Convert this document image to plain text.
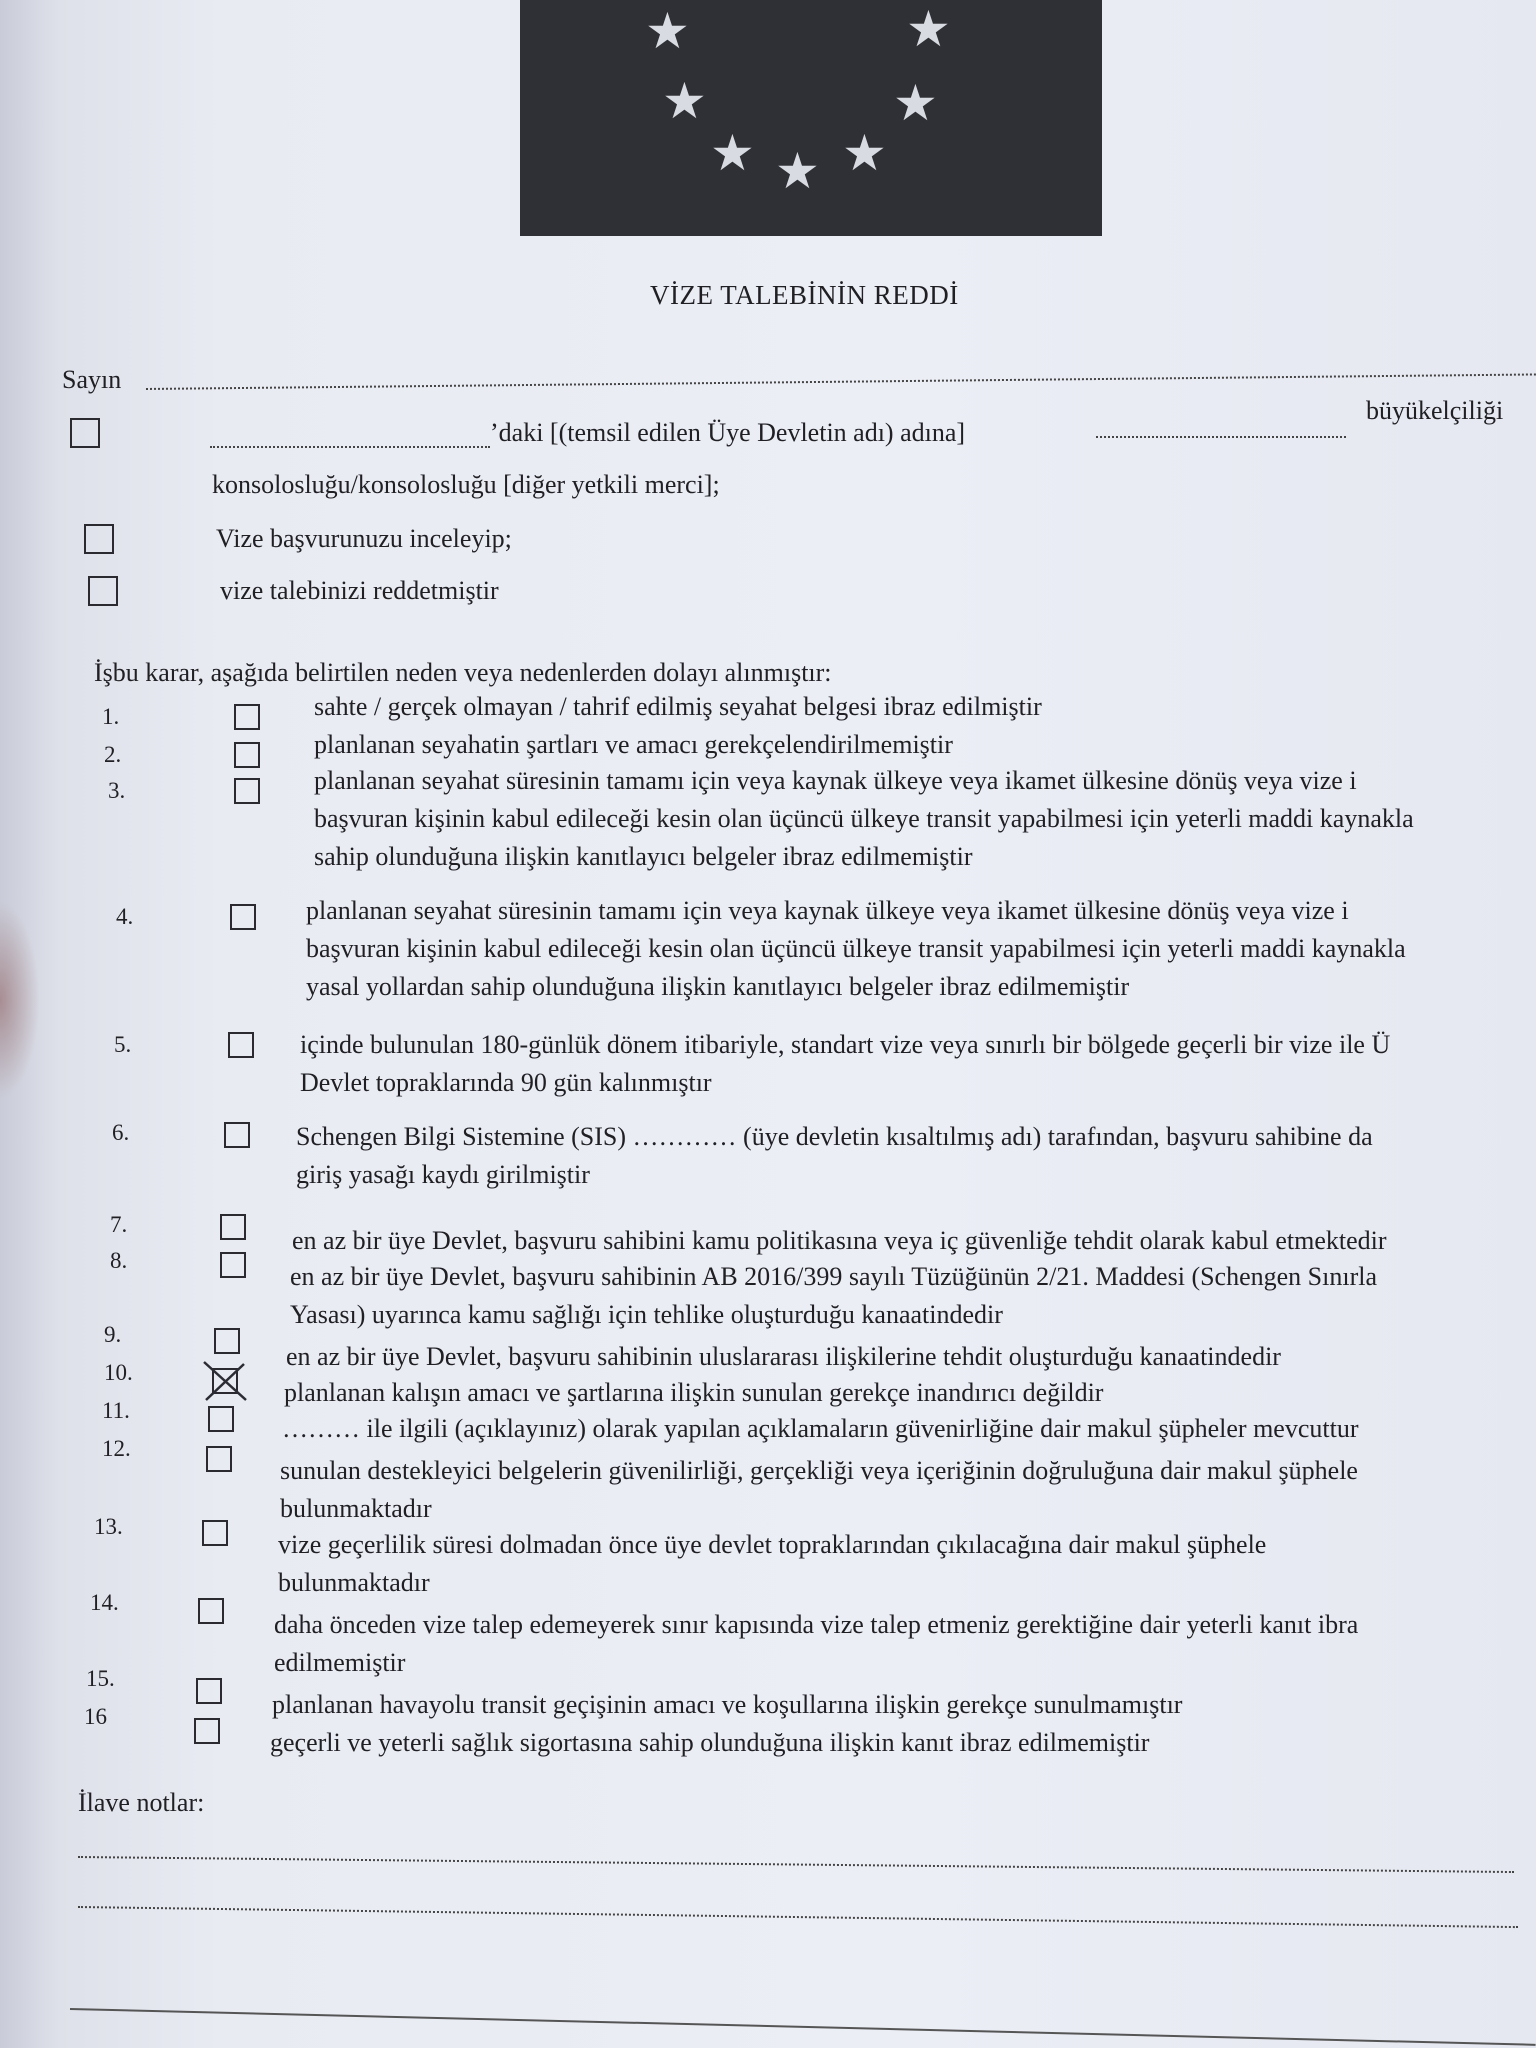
★	★
★	★
★ ★ ★
VİZE TALEBİNİN REDDİ
Sayın
’daki [(temsil edilen Üye Devletin adı) adına]
büyükelçiliği
konsolosluğu/konsolosluğu [diğer yetkili merci];
Vize başvurunuzu inceleyip;
vize talebinizi reddetmiştir
İşbu karar, aşağıda belirtilen neden veya nedenlerden dolayı alınmıştır:
1.	sahte / gerçek olmayan / tahrif edilmiş seyahat belgesi ibraz edilmiştir
2.	planlanan seyahatin şartları ve amacı gerekçelendirilmemiştir
3.	planlanan seyahat süresinin tamamı için veya kaynak ülkeye veya ikamet ülkesine dönüş veya vize i
başvuran kişinin kabul edileceği kesin olan üçüncü ülkeye transit yapabilmesi için yeterli maddi kaynakla
sahip olunduğuna ilişkin kanıtlayıcı belgeler ibraz edilmemiştir
4.	planlanan seyahat süresinin tamamı için veya kaynak ülkeye veya ikamet ülkesine dönüş veya vize i
başvuran kişinin kabul edileceği kesin olan üçüncü ülkeye transit yapabilmesi için yeterli maddi kaynakla
yasal yollardan sahip olunduğuna ilişkin kanıtlayıcı belgeler ibraz edilmemiştir
5.	içinde bulunulan 180-günlük dönem itibariyle, standart vize veya sınırlı bir bölgede geçerli bir vize ile Ü
Devlet topraklarında 90 gün kalınmıştır
6.	Schengen Bilgi Sistemine (SIS) ………… (üye devletin kısaltılmış adı) tarafından, başvuru sahibine da
giriş yasağı kaydı girilmiştir
7.
en az bir üye Devlet, başvuru sahibini kamu politikasına veya iç güvenliğe tehdit olarak kabul etmektedir
8.
en az bir üye Devlet, başvuru sahibinin AB 2016/399 sayılı Tüzüğünün 2/21. Maddesi (Schengen Sınırla
Yasası) uyarınca kamu sağlığı için tehlike oluşturduğu kanaatindedir
9.
en az bir üye Devlet, başvuru sahibinin uluslararası ilişkilerine tehdit oluşturduğu kanaatindedir
10.
planlanan kalışın amacı ve şartlarına ilişkin sunulan gerekçe inandırıcı değildir
11.
……… ile ilgili (açıklayınız) olarak yapılan açıklamaların güvenirliğine dair makul şüpheler mevcuttur
12.
sunulan destekleyici belgelerin güvenilirliği, gerçekliği veya içeriğinin doğruluğuna dair makul şüphele
bulunmaktadır
13.
vize geçerlilik süresi dolmadan önce üye devlet topraklarından çıkılacağına dair makul şüphele
bulunmaktadır
14.
daha önceden vize talep edemeyerek sınır kapısında vize talep etmeniz gerektiğine dair yeterli kanıt ibra
edilmemiştir
15.
planlanan havayolu transit geçişinin amacı ve koşullarına ilişkin gerekçe sunulmamıştır
16
geçerli ve yeterli sağlık sigortasına sahip olunduğuna ilişkin kanıt ibraz edilmemiştir
İlave notlar:
